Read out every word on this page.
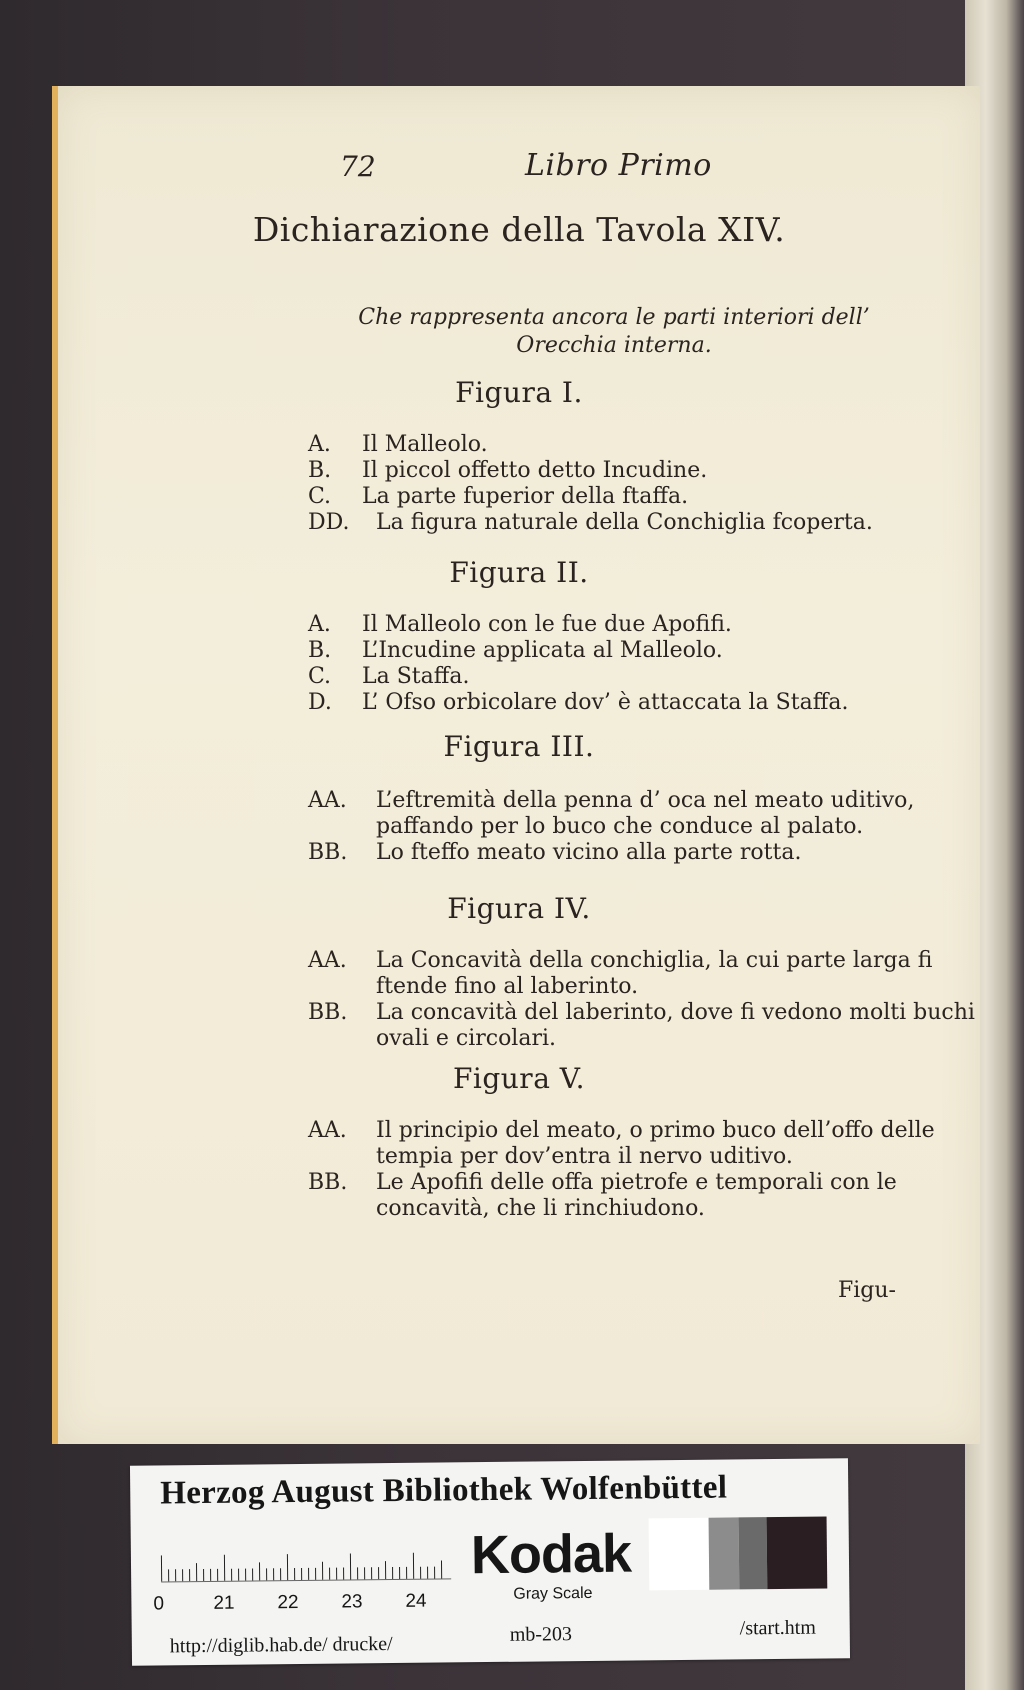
72	Libro Primo
Dichiarazione della Tavola XIV.
Che rappresenta ancora le parti interiori dell’ Orecchia interna.
Figura I.
A.	Il Malleolo.
B.	Il piccol offetto detto Incudine.
C.	La parte fuperior della ftaffa.
DD.	La figura naturale della Conchiglia fcoperta.
Figura II.
A.	Il Malleolo con le fue due Apofifi.
B.	L’Incudine applicata al Malleolo.
C.	La Staffa.
D.	L’ Ofso orbicolare dov’ è attaccata la Staffa.
Figura III.
AA.	L’eftremità della penna d’ oca nel meato uditivo, paffando per lo buco che conduce al palato.
BB.	Lo fteffo meato vicino alla parte rotta.
Figura IV.
AA.	La Concavità della conchiglia, la cui parte larga fi ftende fino al laberinto.
BB.	La concavità del laberinto, dove fi vedono molti buchi ovali e circolari.
Figura V.
AA.	Il principio del meato, o primo buco dell’offo delle tempia per dov’entra il nervo uditivo.
BB.	Le Apofifi delle offa pietrofe e temporali con le concavità, che li rinchiudono.
Figu-
Herzog August Bibliothek Wolfenbüttel
0	21 22 23 24
Kodak
Gray Scale
http://diglib.hab.de/ drucke/	mb-203	/start.htm
